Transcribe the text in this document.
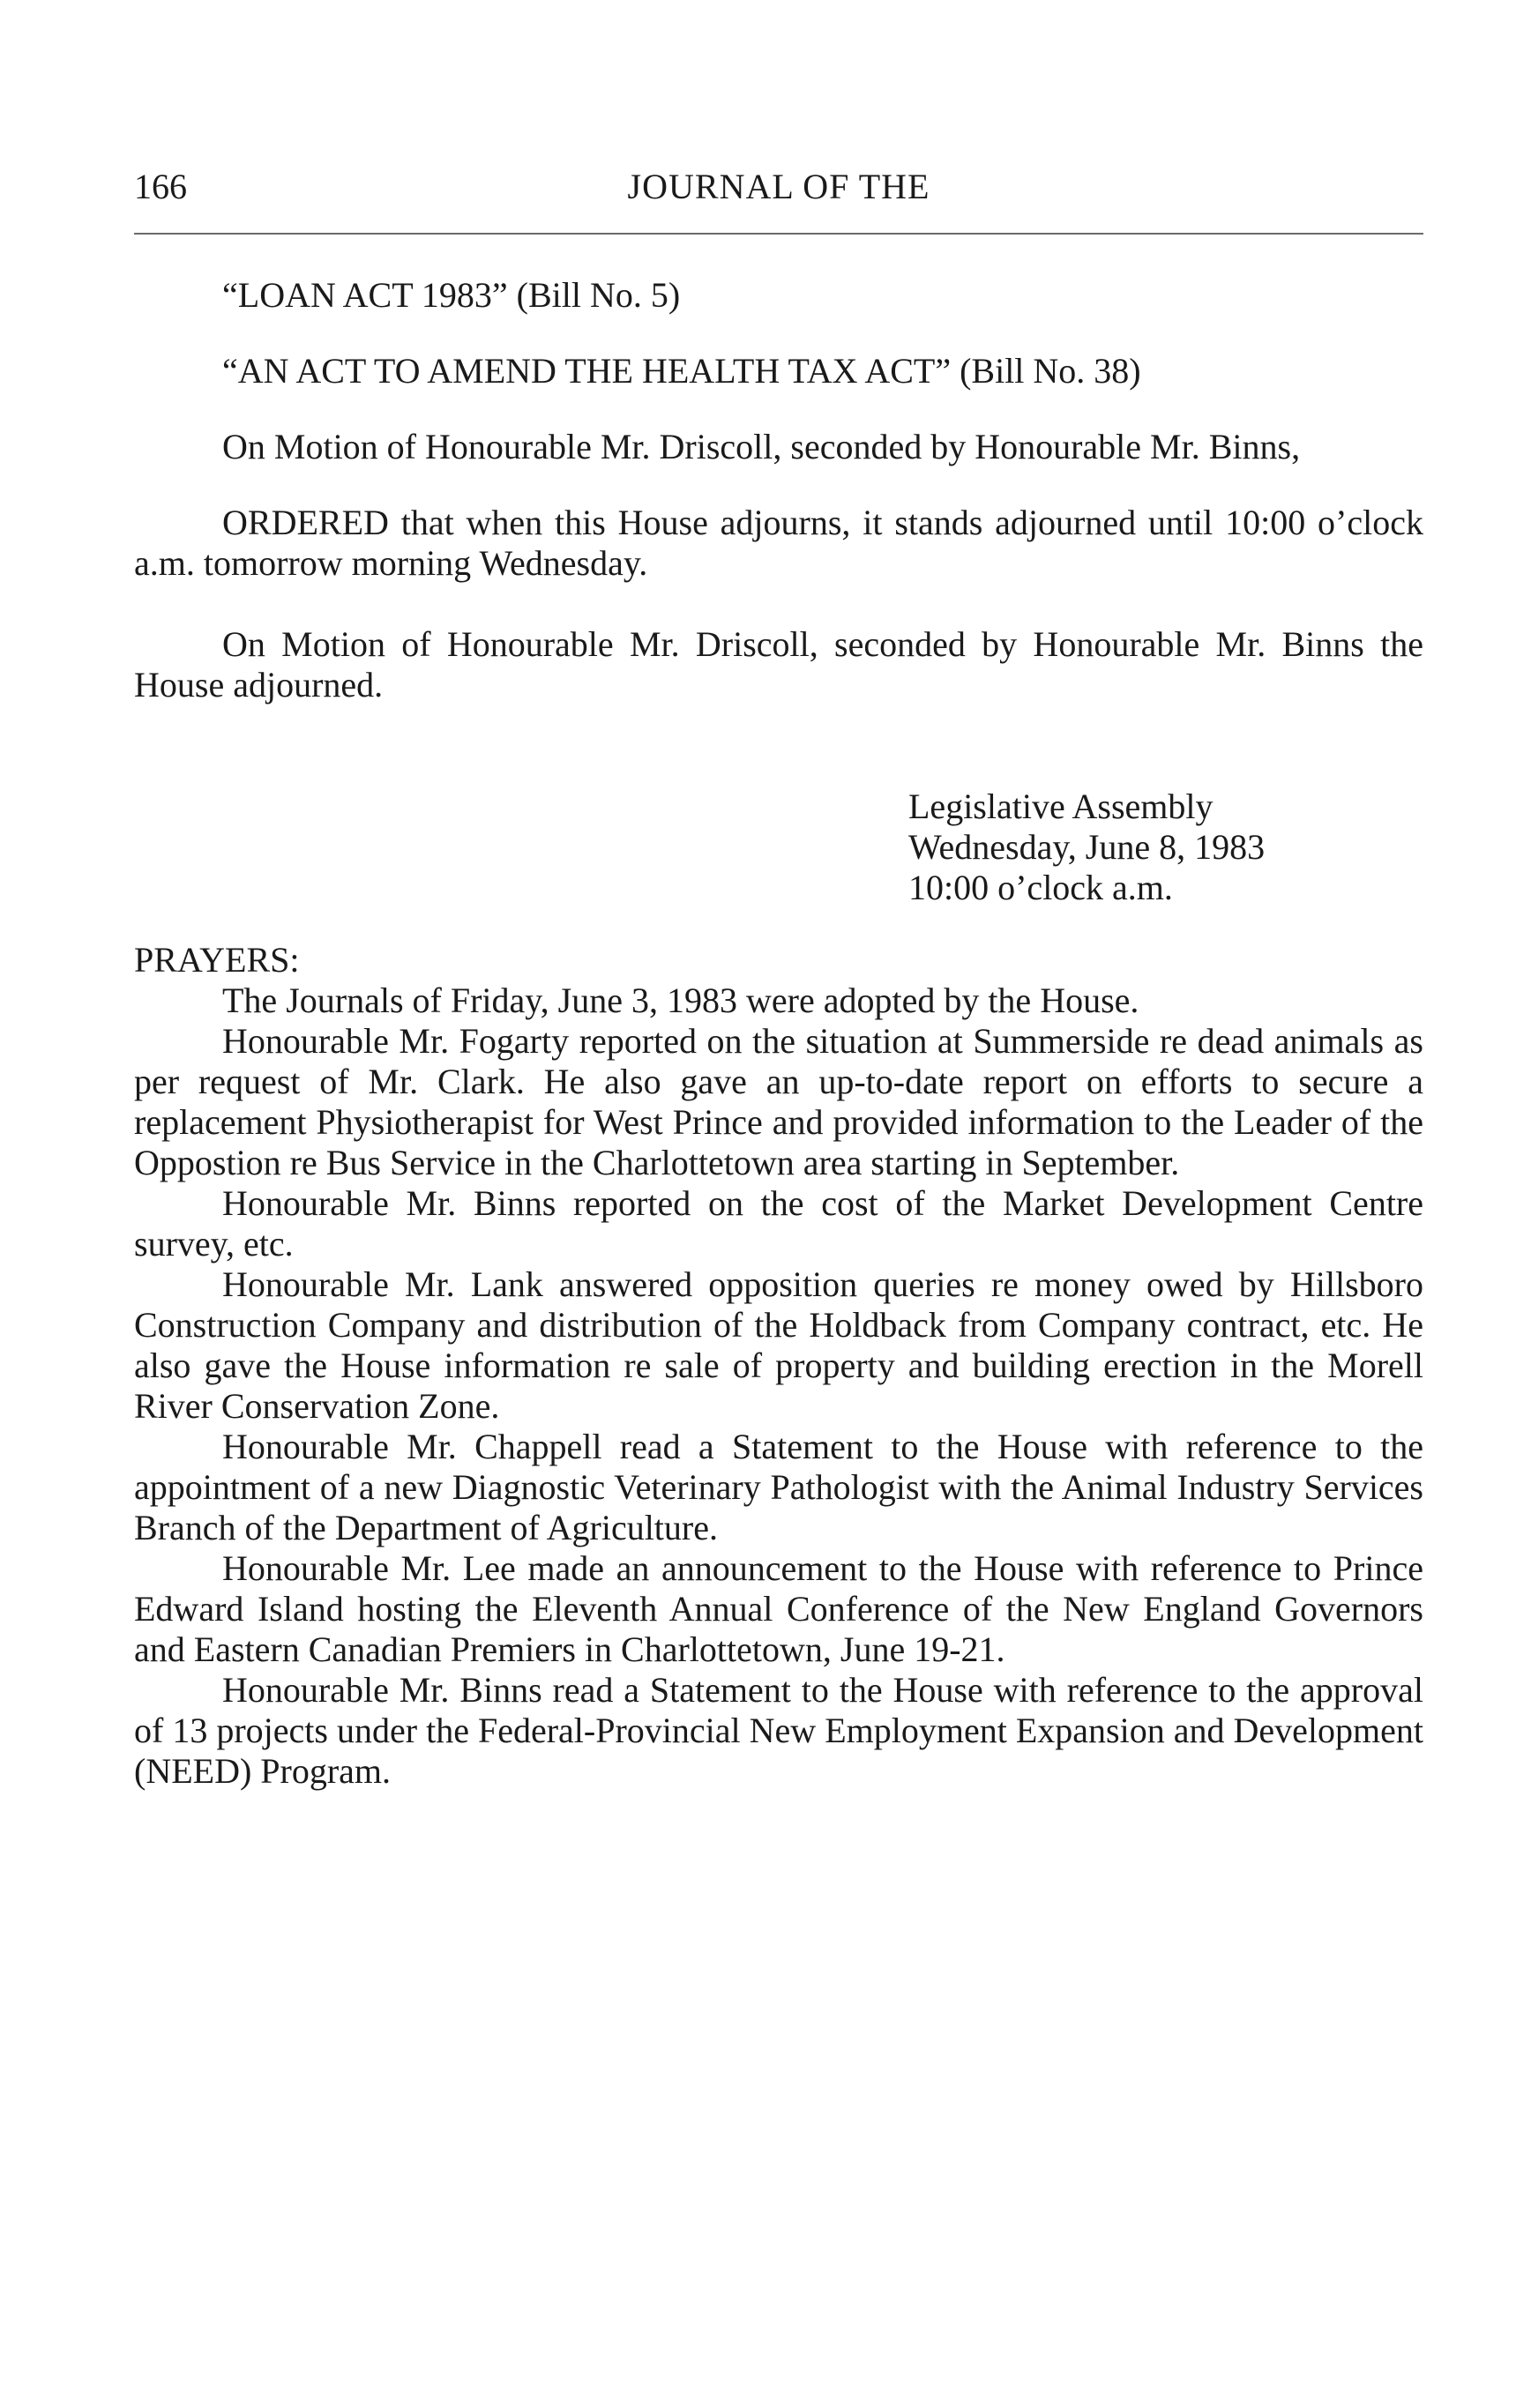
166	JOURNAL OF THE

“LOAN ACT 1983” (Bill No. 5)

“AN ACT TO AMEND THE HEALTH TAX ACT” (Bill No. 38)

On Motion of Honourable Mr. Driscoll, seconded by Honourable Mr. Binns,

ORDERED that when this House adjourns, it stands adjourned until 10:00 o’clock a.m. tomorrow morning Wednesday.

On Motion of Honourable Mr. Driscoll, seconded by Honourable Mr. Binns the House adjourned.

Legislative Assembly
Wednesday, June 8, 1983
10:00 o’clock a.m.
PRAYERS:

The Journals of Friday, June 3, 1983 were adopted by the House.

Honourable Mr. Fogarty reported on the situation at Summerside re dead animals as per request of Mr. Clark. He also gave an up-to-date report on efforts to secure a replacement Physiotherapist for West Prince and provided information to the Leader of the Oppostion re Bus Service in the Charlottetown area starting in September.

Honourable Mr. Binns reported on the cost of the Market Development Centre survey, etc.

Honourable Mr. Lank answered opposition queries re money owed by Hillsboro Construction Company and distribution of the Holdback from Company contract, etc. He also gave the House information re sale of property and building erection in the Morell River Conservation Zone.

Honourable Mr. Chappell read a Statement to the House with reference to the appointment of a new Diagnostic Veterinary Pathologist with the Animal Industry Services Branch of the Department of Agriculture.

Honourable Mr. Lee made an announcement to the House with reference to Prince Edward Island hosting the Eleventh Annual Conference of the New England Governors and Eastern Canadian Premiers in Charlottetown, June 19-21.

Honourable Mr. Binns read a Statement to the House with reference to the approval of 13 projects under the Federal-Provincial New Employment Expansion and Development (NEED) Program.
